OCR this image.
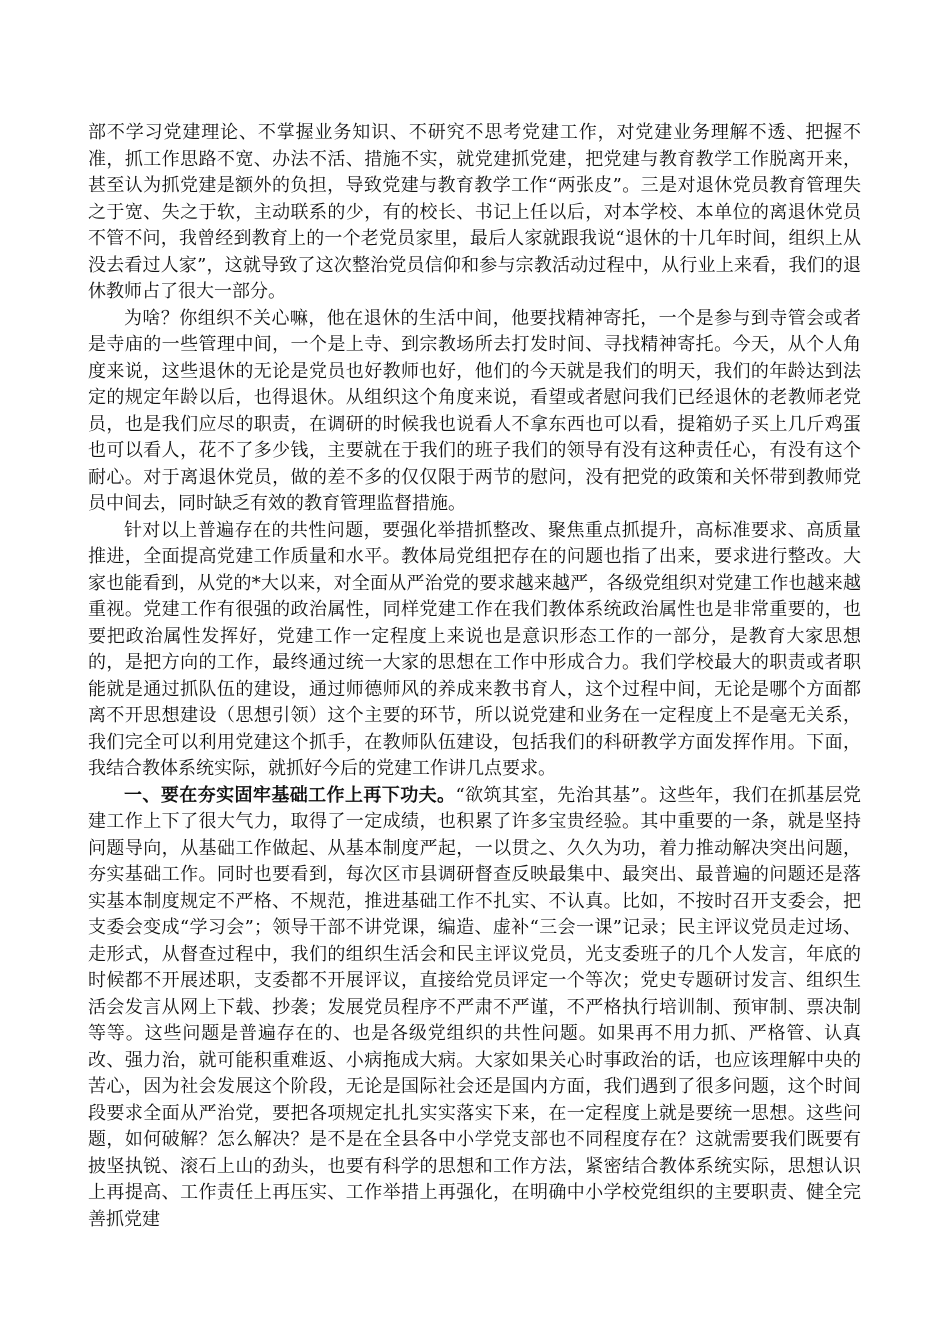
部不学习党建理论、不掌握业务知识、不研究不思考党建工作，对党建业务理解不透、把握不准，抓工作思路不宽、办法不活、措施不实，就党建抓党建，把党建与教育教学工作脱离开来，甚至认为抓党建是额外的负担，导致党建与教育教学工作“两张皮”。三是对退休党员教育管理失之于宽、失之于软，主动联系的少，有的校长、书记上任以后，对本学校、本单位的离退休党员不管不问，我曾经到教育上的一个老党员家里，最后人家就跟我说“退休的十几年时间，组织上从没去看过人家”，这就导致了这次整治党员信仰和参与宗教活动过程中，从行业上来看，我们的退休教师占了很大一部分。

为啥？你组织不关心嘛，他在退休的生活中间，他要找精神寄托，一个是参与到寺管会或者是寺庙的一些管理中间，一个是上寺、到宗教场所去打发时间、寻找精神寄托。今天，从个人角度来说，这些退休的无论是党员也好教师也好，他们的今天就是我们的明天，我们的年龄达到法定的规定年龄以后，也得退休。从组织这个角度来说，看望或者慰问我们已经退休的老教师老党员，也是我们应尽的职责，在调研的时候我也说看人不拿东西也可以看，提箱奶子买上几斤鸡蛋也可以看人，花不了多少钱，主要就在于我们的班子我们的领导有没有这种责任心，有没有这个耐心。对于离退休党员，做的差不多的仅仅限于两节的慰问，没有把党的政策和关怀带到教师党员中间去，同时缺乏有效的教育管理监督措施。

针对以上普遍存在的共性问题，要强化举措抓整改、聚焦重点抓提升，高标准要求、高质量推进，全面提高党建工作质量和水平。教体局党组把存在的问题也指了出来，要求进行整改。大家也能看到，从党的*大以来，对全面从严治党的要求越来越严，各级党组织对党建工作也越来越重视。党建工作有很强的政治属性，同样党建工作在我们教体系统政治属性也是非常重要的，也要把政治属性发挥好，党建工作一定程度上来说也是意识形态工作的一部分，是教育大家思想的，是把方向的工作，最终通过统一大家的思想在工作中形成合力。我们学校最大的职责或者职能就是通过抓队伍的建设，通过师德师风的养成来教书育人，这个过程中间，无论是哪个方面都离不开思想建设（思想引领）这个主要的环节，所以说党建和业务在一定程度上不是毫无关系，我们完全可以利用党建这个抓手，在教师队伍建设，包括我们的科研教学方面发挥作用。下面，我结合教体系统实际，就抓好今后的党建工作讲几点要求。

一、要在夯实固牢基础工作上再下功夫。“欲筑其室，先治其基”。这些年，我们在抓基层党建工作上下了很大气力，取得了一定成绩，也积累了许多宝贵经验。其中重要的一条，就是坚持问题导向，从基础工作做起、从基本制度严起，一以贯之、久久为功，着力推动解决突出问题，夯实基础工作。同时也要看到，每次区市县调研督查反映最集中、最突出、最普遍的问题还是落实基本制度规定不严格、不规范，推进基础工作不扎实、不认真。比如，不按时召开支委会，把支委会变成“学习会”；领导干部不讲党课，编造、虚补“三会一课”记录；民主评议党员走过场、走形式，从督查过程中，我们的组织生活会和民主评议党员，光支委班子的几个人发言，年底的时候都不开展述职，支委都不开展评议，直接给党员评定一个等次；党史专题研讨发言、组织生活会发言从网上下载、抄袭；发展党员程序不严肃不严谨，不严格执行培训制、预审制、票决制等等。这些问题是普遍存在的、也是各级党组织的共性问题。如果再不用力抓、严格管、认真改、强力治，就可能积重难返、小病拖成大病。大家如果关心时事政治的话，也应该理解中央的苦心，因为社会发展这个阶段，无论是国际社会还是国内方面，我们遇到了很多问题，这个时间段要求全面从严治党，要把各项规定扎扎实实落实下来，在一定程度上就是要统一思想。这些问题，如何破解？怎么解决？是不是在全县各中小学党支部也不同程度存在？这就需要我们既要有披坚执锐、滚石上山的劲头，也要有科学的思想和工作方法，紧密结合教体系统实际，思想认识上再提高、工作责任上再压实、工作举措上再强化，在明确中小学校党组织的主要职责、健全完善抓党建
